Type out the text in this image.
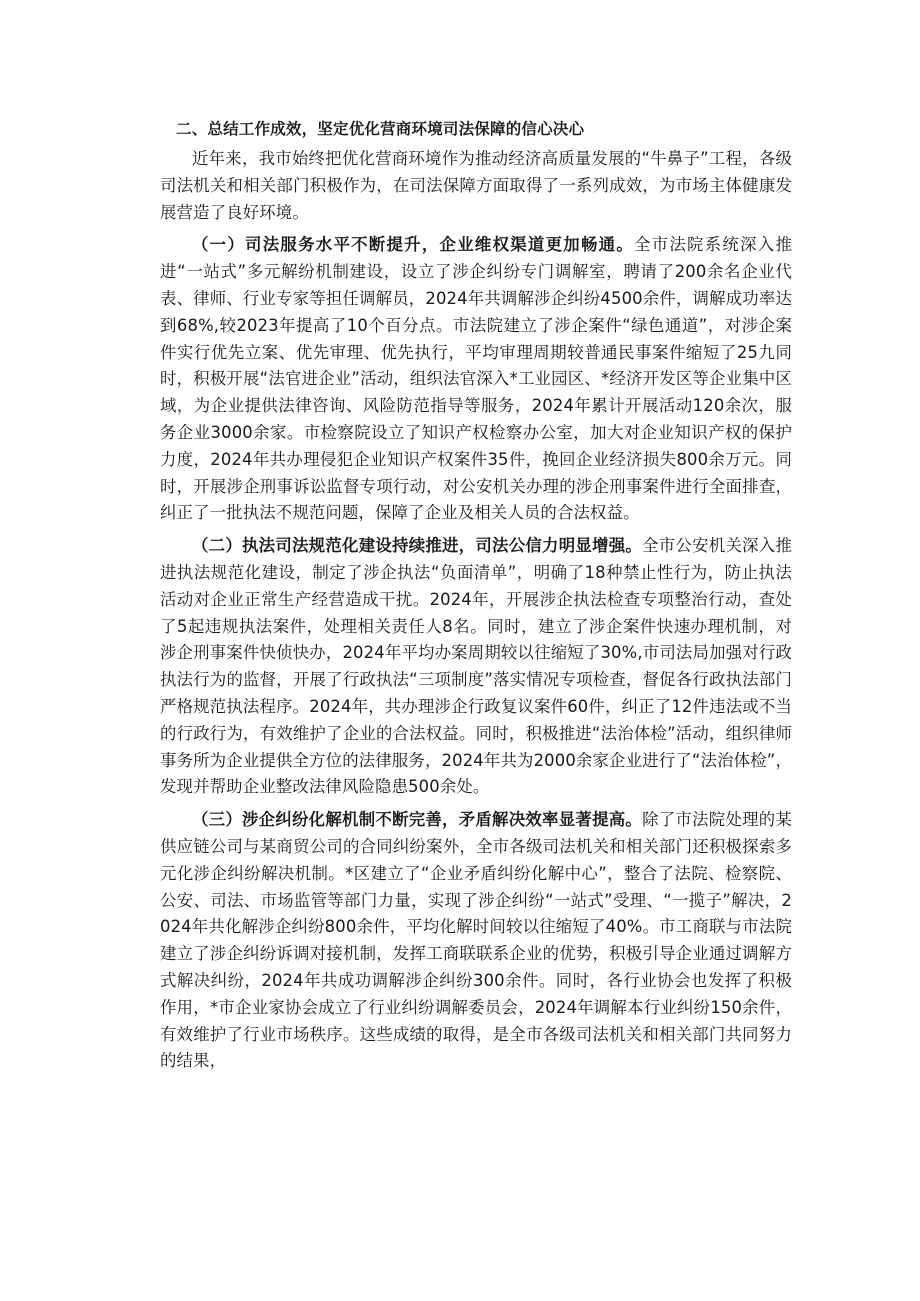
二、总结工作成效，坚定优化营商环境司法保障的信心决心

近年来，我市始终把优化营商环境作为推动经济高质量发展的“牛鼻子”工程，各级司法机关和相关部门积极作为，在司法保障方面取得了一系列成效，为市场主体健康发展营造了良好环境。

（一）司法服务水平不断提升，企业维权渠道更加畅通。全市法院系统深入推进“一站式”多元解纷机制建设，设立了涉企纠纷专门调解室，聘请了200余名企业代表、律师、行业专家等担任调解员，2024年共调解涉企纠纷4500余件，调解成功率达到68%,较2023年提高了10个百分点。市法院建立了涉企案件“绿色通道”，对涉企案件实行优先立案、优先审理、优先执行，平均审理周期较普通民事案件缩短了25九同时，积极开展“法官进企业”活动，组织法官深入*工业园区、*经济开发区等企业集中区域，为企业提供法律咨询、风险防范指导等服务，2024年累计开展活动120余次，服务企业3000余家。市检察院设立了知识产权检察办公室，加大对企业知识产权的保护力度，2024年共办理侵犯企业知识产权案件35件，挽回企业经济损失800余万元。同时，开展涉企刑事诉讼监督专项行动，对公安机关办理的涉企刑事案件进行全面排查，纠正了一批执法不规范问题，保障了企业及相关人员的合法权益。

（二）执法司法规范化建设持续推进，司法公信力明显增强。全市公安机关深入推进执法规范化建设，制定了涉企执法“负面清单”，明确了18种禁止性行为，防止执法活动对企业正常生产经营造成干扰。2024年，开展涉企执法检查专项整治行动，查处了5起违规执法案件，处理相关责任人8名。同时，建立了涉企案件快速办理机制，对涉企刑事案件快侦快办，2024年平均办案周期较以往缩短了30%,市司法局加强对行政执法行为的监督，开展了行政执法“三项制度”落实情况专项检查，督促各行政执法部门严格规范执法程序。2024年，共办理涉企行政复议案件60件，纠正了12件违法或不当的行政行为，有效维护了企业的合法权益。同时，积极推进“法治体检”活动，组织律师事务所为企业提供全方位的法律服务，2024年共为2000余家企业进行了“法治体检”，发现并帮助企业整改法律风险隐患500余处。

（三）涉企纠纷化解机制不断完善，矛盾解决效率显著提高。除了市法院处理的某供应链公司与某商贸公司的合同纠纷案外，全市各级司法机关和相关部门还积极探索多元化涉企纠纷解决机制。*区建立了“企业矛盾纠纷化解中心”，整合了法院、检察院、公安、司法、市场监管等部门力量，实现了涉企纠纷“一站式”受理、“一揽子”解决，2024年共化解涉企纠纷800余件，平均化解时间较以往缩短了40%。市工商联与市法院建立了涉企纠纷诉调对接机制，发挥工商联联系企业的优势，积极引导企业通过调解方式解决纠纷，2024年共成功调解涉企纠纷300余件。同时，各行业协会也发挥了积极作用，*市企业家协会成立了行业纠纷调解委员会，2024年调解本行业纠纷150余件，有效维护了行业市场秩序。这些成绩的取得，是全市各级司法机关和相关部门共同努力的结果，
